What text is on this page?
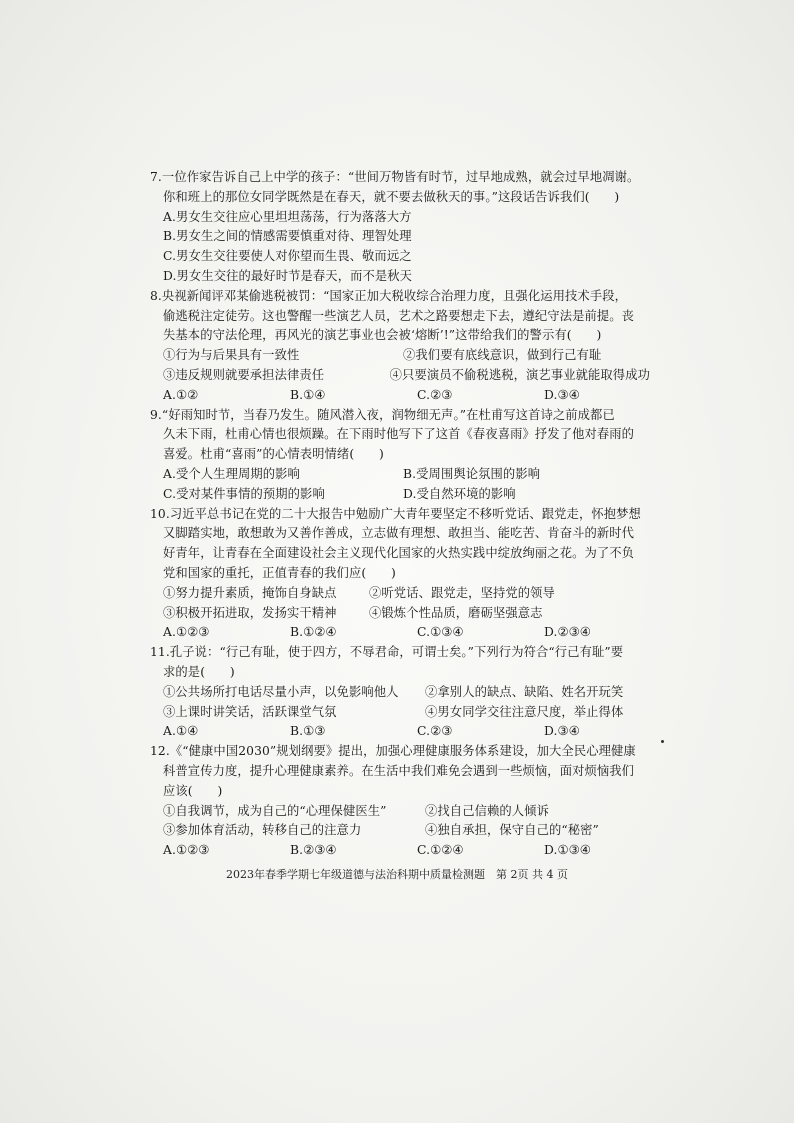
7.一位作家告诉自己上中学的孩子：“世间万物皆有时节，过早地成熟，就会过早地凋谢。
你和班上的那位女同学既然是在春天，就不要去做秋天的事。”这段话告诉我们(　　)
A.男女生交往应心里坦坦荡荡，行为落落大方
B.男女生之间的情感需要慎重对待、理智处理
C.男女生交往要使人对你望而生畏、敬而远之
D.男女生交往的最好时节是春天，而不是秋天
8.央视新闻评邓某偷逃税被罚：“国家正加大税收综合治理力度，且强化运用技术手段，
偷逃税注定徒劳。这也警醒一些演艺人员，艺术之路要想走下去，遵纪守法是前提。丧
失基本的守法伦理，再风光的演艺事业也会被‘熔断’!”这带给我们的警示有(　　)
①行为与后果具有一致性	②我们要有底线意识，做到行己有耻
③违反规则就要承担法律责任	④只要演员不偷税逃税，演艺事业就能取得成功
A.①②	B.①④	C.②③	D.③④
9.“好雨知时节，当春乃发生。随风潜入夜，润物细无声。”在杜甫写这首诗之前成都已
久未下雨，杜甫心情也很烦躁。在下雨时他写下了这首《春夜喜雨》抒发了他对春雨的
喜爱。杜甫“喜雨”的心情表明情绪(　　)
A.受个人生理周期的影响	B.受周围舆论氛围的影响
C.受对某件事情的预期的影响	D.受自然环境的影响
10.习近平总书记在党的二十大报告中勉励广大青年要坚定不移听党话、跟党走，怀抱梦想
又脚踏实地，敢想敢为又善作善成，立志做有理想、敢担当、能吃苦、肯奋斗的新时代
好青年，让青春在全面建设社会主义现代化国家的火热实践中绽放绚丽之花。为了不负
党和国家的重托，正值青春的我们应(　　)
①努力提升素质，掩饰自身缺点	②听党话、跟党走，坚持党的领导
③积极开拓进取，发扬实干精神	④锻炼个性品质，磨砺坚强意志
A.①②③	B.①②④	C.①③④	D.②③④
11.孔子说：“行己有耻，使于四方，不辱君命，可谓士矣。”下列行为符合“行己有耻”要
求的是(　　)
①公共场所打电话尽量小声，以免影响他人	②拿别人的缺点、缺陷、姓名开玩笑
③上课时讲笑话，活跃课堂气氛	④男女同学交往注意尺度，举止得体
A.①④	B.①③	C.②③	D.③④
12.《“健康中国2030”规划纲要》提出，加强心理健康服务体系建设，加大全民心理健康
科普宣传力度，提升心理健康素养。在生活中我们难免会遇到一些烦恼，面对烦恼我们
应该(　　)
①自我调节，成为自己的“心理保健医生”	②找自己信赖的人倾诉
③参加体育活动，转移自己的注意力	④独自承担，保守自己的“秘密”
A.①②③	B.②③④	C.①②④	D.①③④
2023年春季学期七年级道德与法治科期中质量检测题　第 2页 共 4 页
